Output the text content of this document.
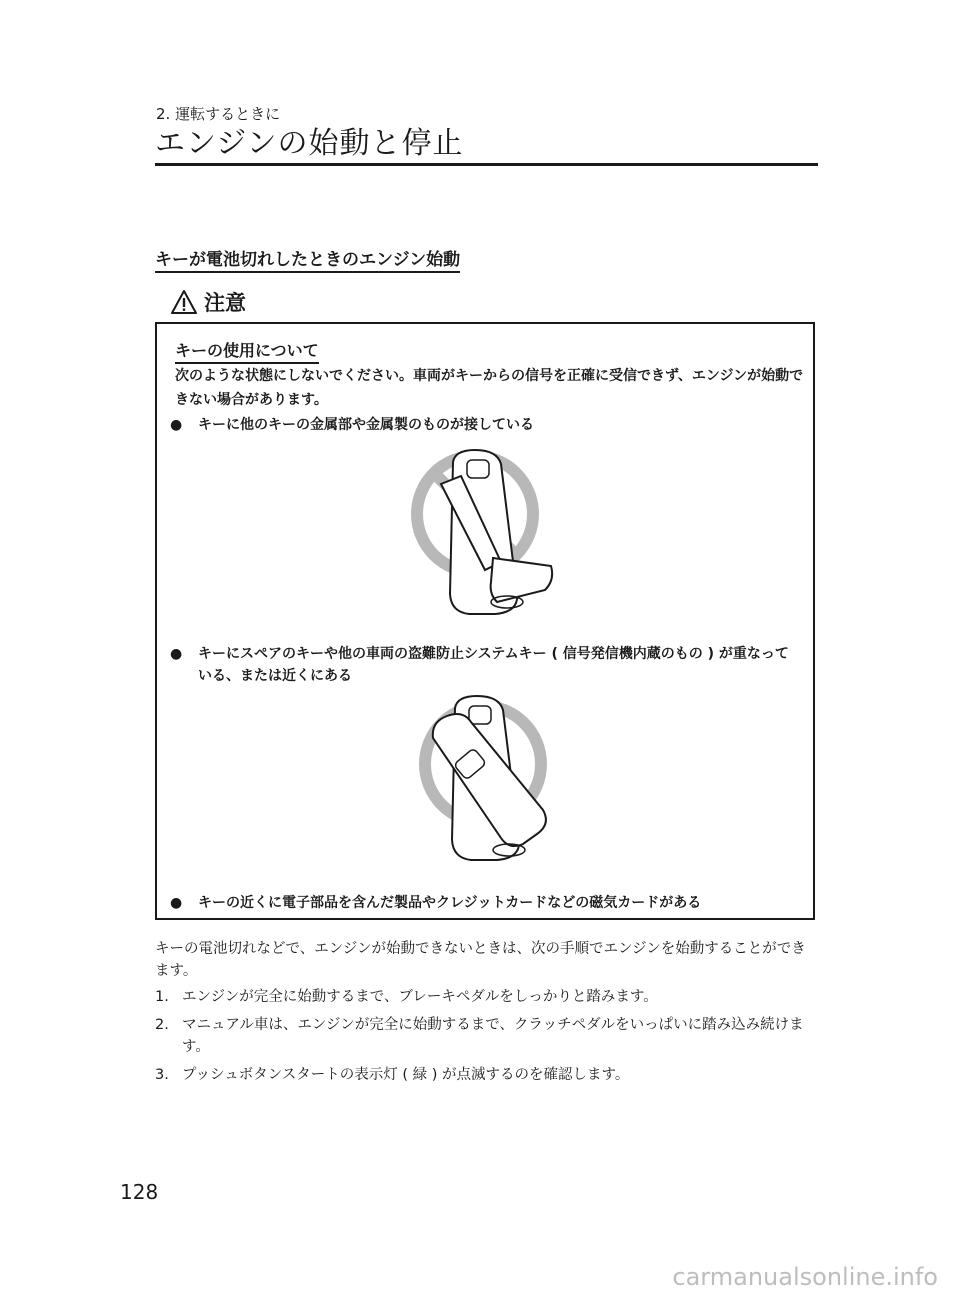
2. 運転するときに
エンジンの始動と停止
キーが電池切れしたときのエンジン始動
注意
キーの使用について
次のような状態にしないでください。車両がキーからの信号を正確に受信できず、エンジンが始動できない場合があります。
●	キーに他のキーの金属部や金属製のものが接している
●	キーにスペアのキーや他の車両の盗難防止システムキー ( 信号発信機内蔵のもの ) が重なっている、または近くにある
●	キーの近くに電子部品を含んだ製品やクレジットカードなどの磁気カードがある
キーの電池切れなどで、エンジンが始動できないときは、次の手順でエンジンを始動することができます。
1. エンジンが完全に始動するまで、ブレーキペダルをしっかりと踏みます。
2. マニュアル車は、エンジンが完全に始動するまで、クラッチペダルをいっぱいに踏み込み続けます。
3. プッシュボタンスタートの表示灯 ( 緑 ) が点滅するのを確認します。
128
carmanualsonline.info
